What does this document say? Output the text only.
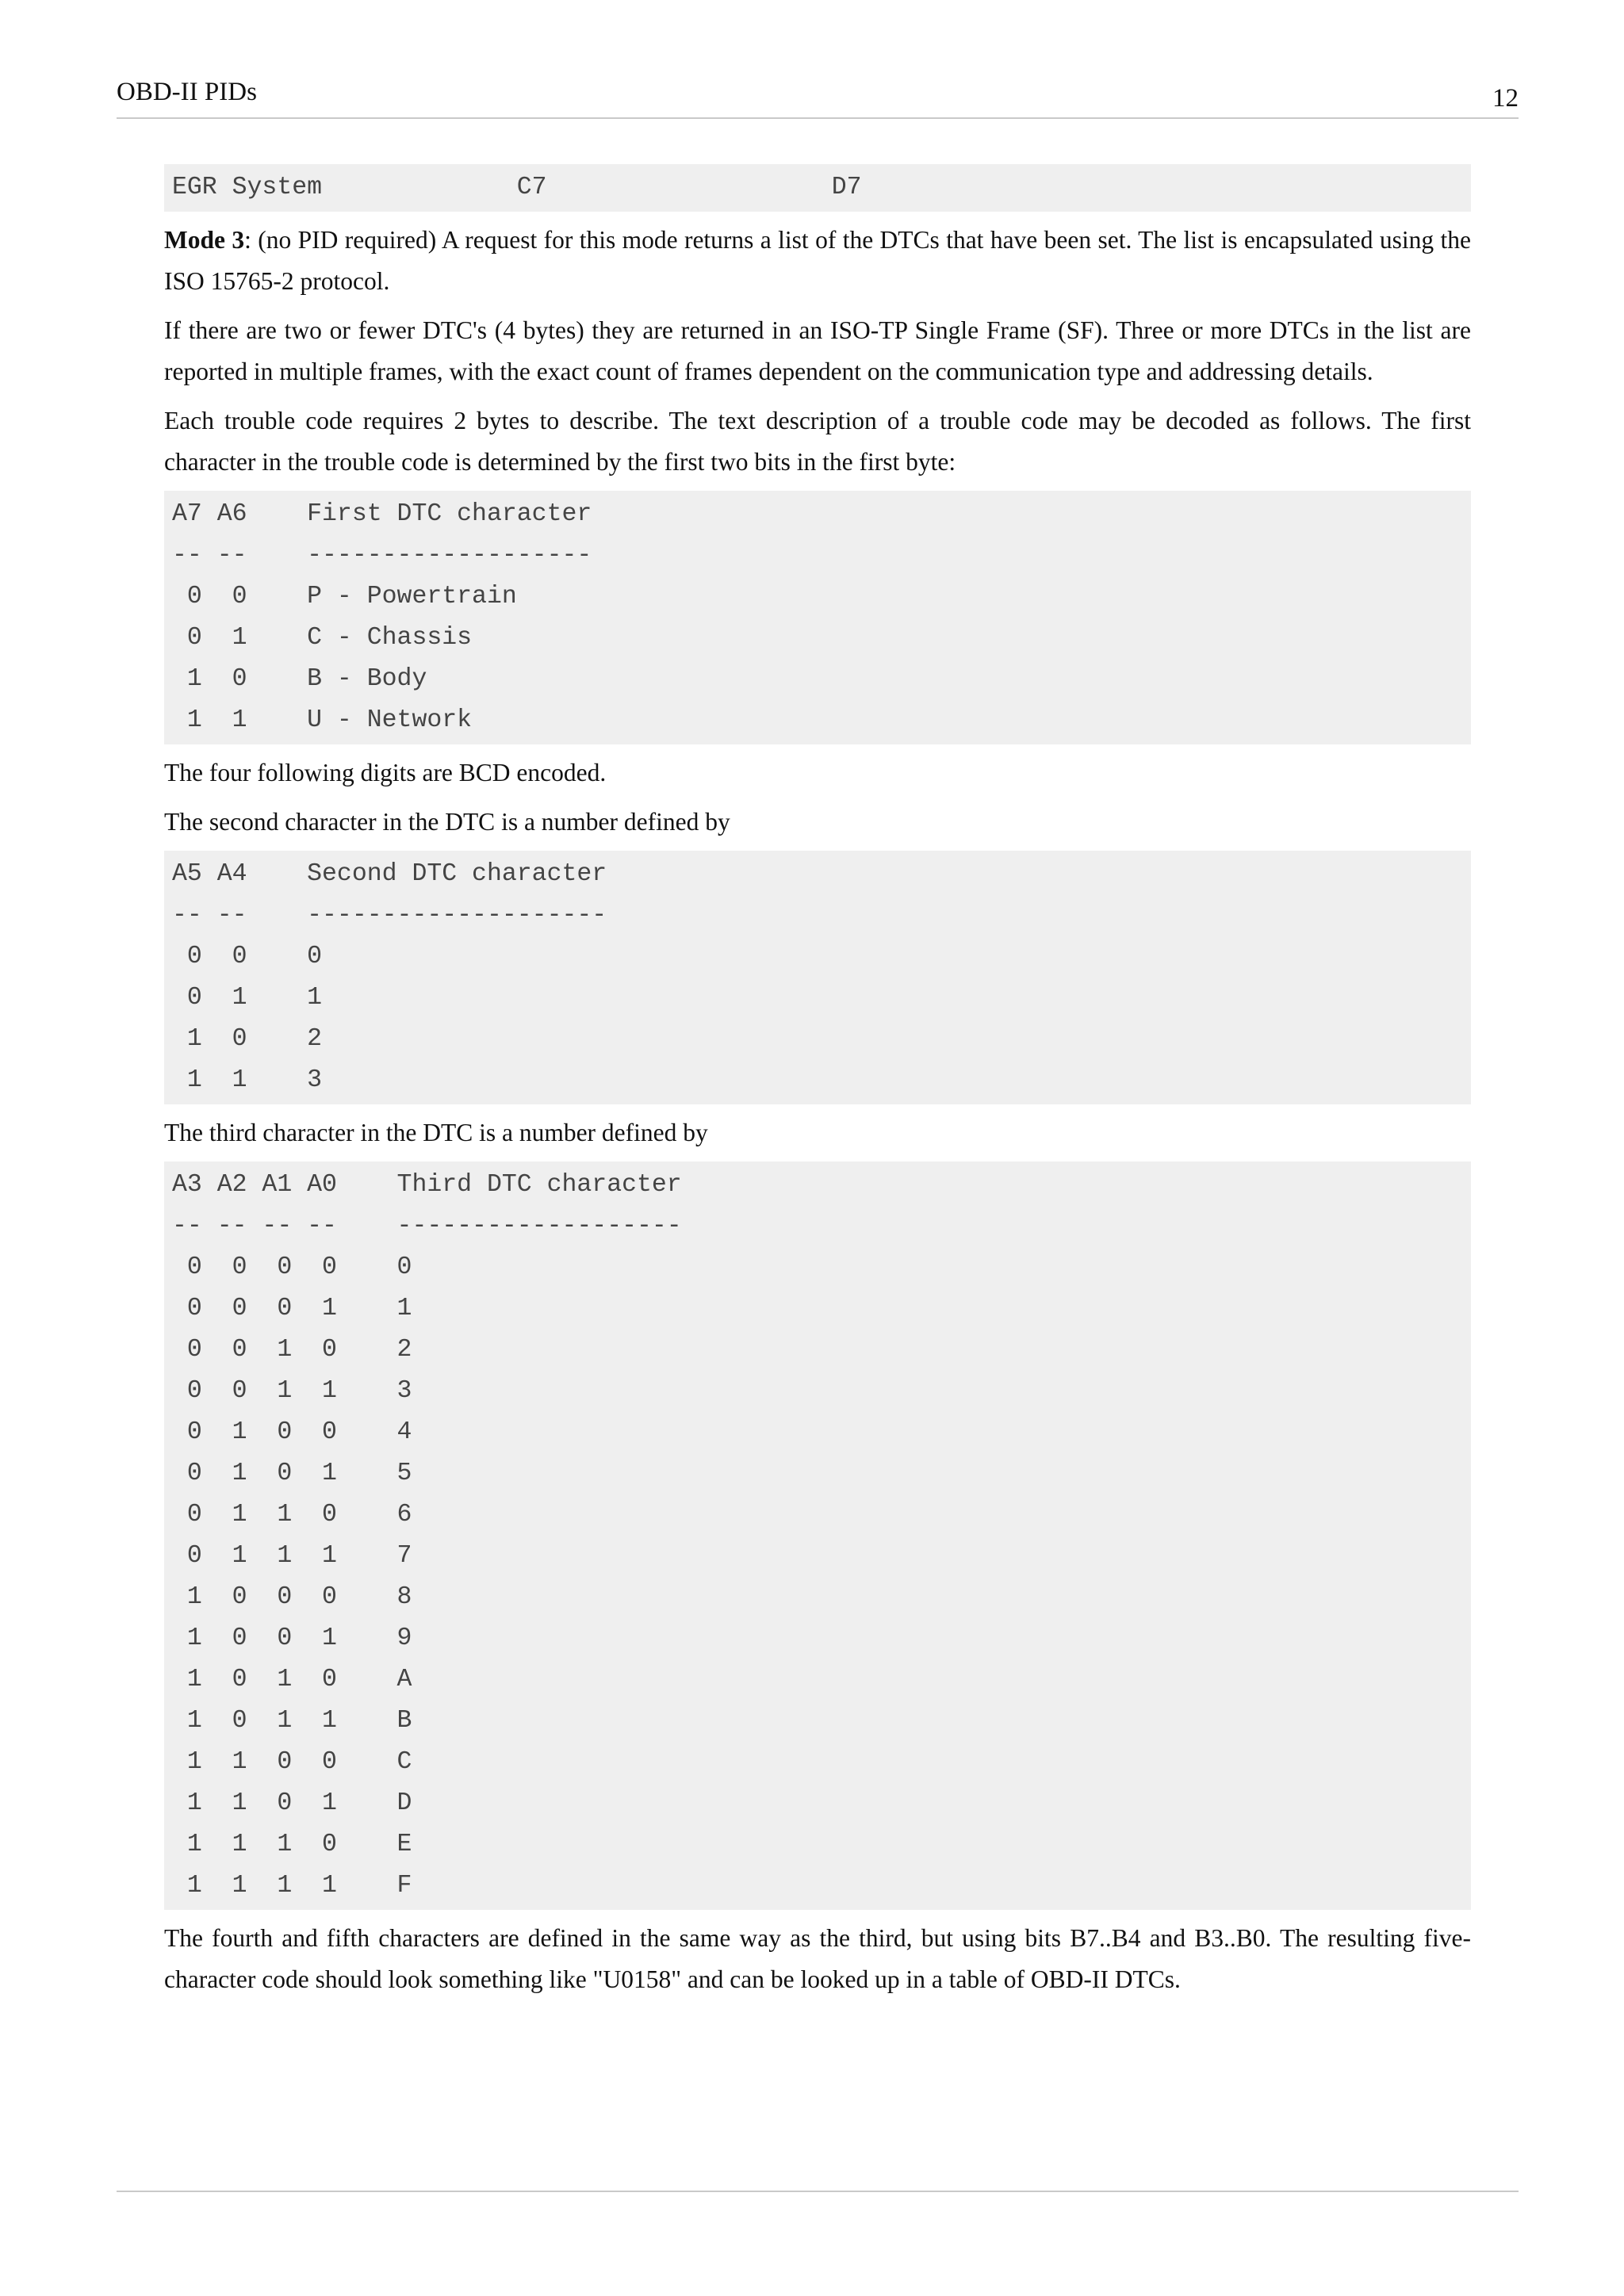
OBD-II PIDs	12
EGR System             C7                   D7
Mode 3: (no PID required) A request for this mode returns a list of the DTCs that have been set. The list is encapsulated using the ISO 15765-2 protocol.
If there are two or fewer DTC's (4 bytes) they are returned in an ISO-TP Single Frame (SF). Three or more DTCs in the list are reported in multiple frames, with the exact count of frames dependent on the communication type and addressing details.
Each trouble code requires 2 bytes to describe. The text description of a trouble code may be decoded as follows. The first character in the trouble code is determined by the first two bits in the first byte:
A7 A6    First DTC character
-- --    -------------------
0  0    P - Powertrain
0  1    C - Chassis
1  0    B - Body
1  1    U - Network
The four following digits are BCD encoded.
The second character in the DTC is a number defined by
A5 A4    Second DTC character
-- --    --------------------
0  0    0
0  1    1
1  0    2
1  1    3
The third character in the DTC is a number defined by
A3 A2 A1 A0    Third DTC character
-- -- -- --    -------------------
0  0  0  0    0
0  0  0  1    1
0  0  1  0    2
0  0  1  1    3
0  1  0  0    4
0  1  0  1    5
0  1  1  0    6
0  1  1  1    7
1  0  0  0    8
1  0  0  1    9
1  0  1  0    A
1  0  1  1    B
1  1  0  0    C
1  1  0  1    D
1  1  1  0    E
1  1  1  1    F
The fourth and fifth characters are defined in the same way as the third, but using bits B7..B4 and B3..B0. The resulting five-character code should look something like "U0158" and can be looked up in a table of OBD-II DTCs.
